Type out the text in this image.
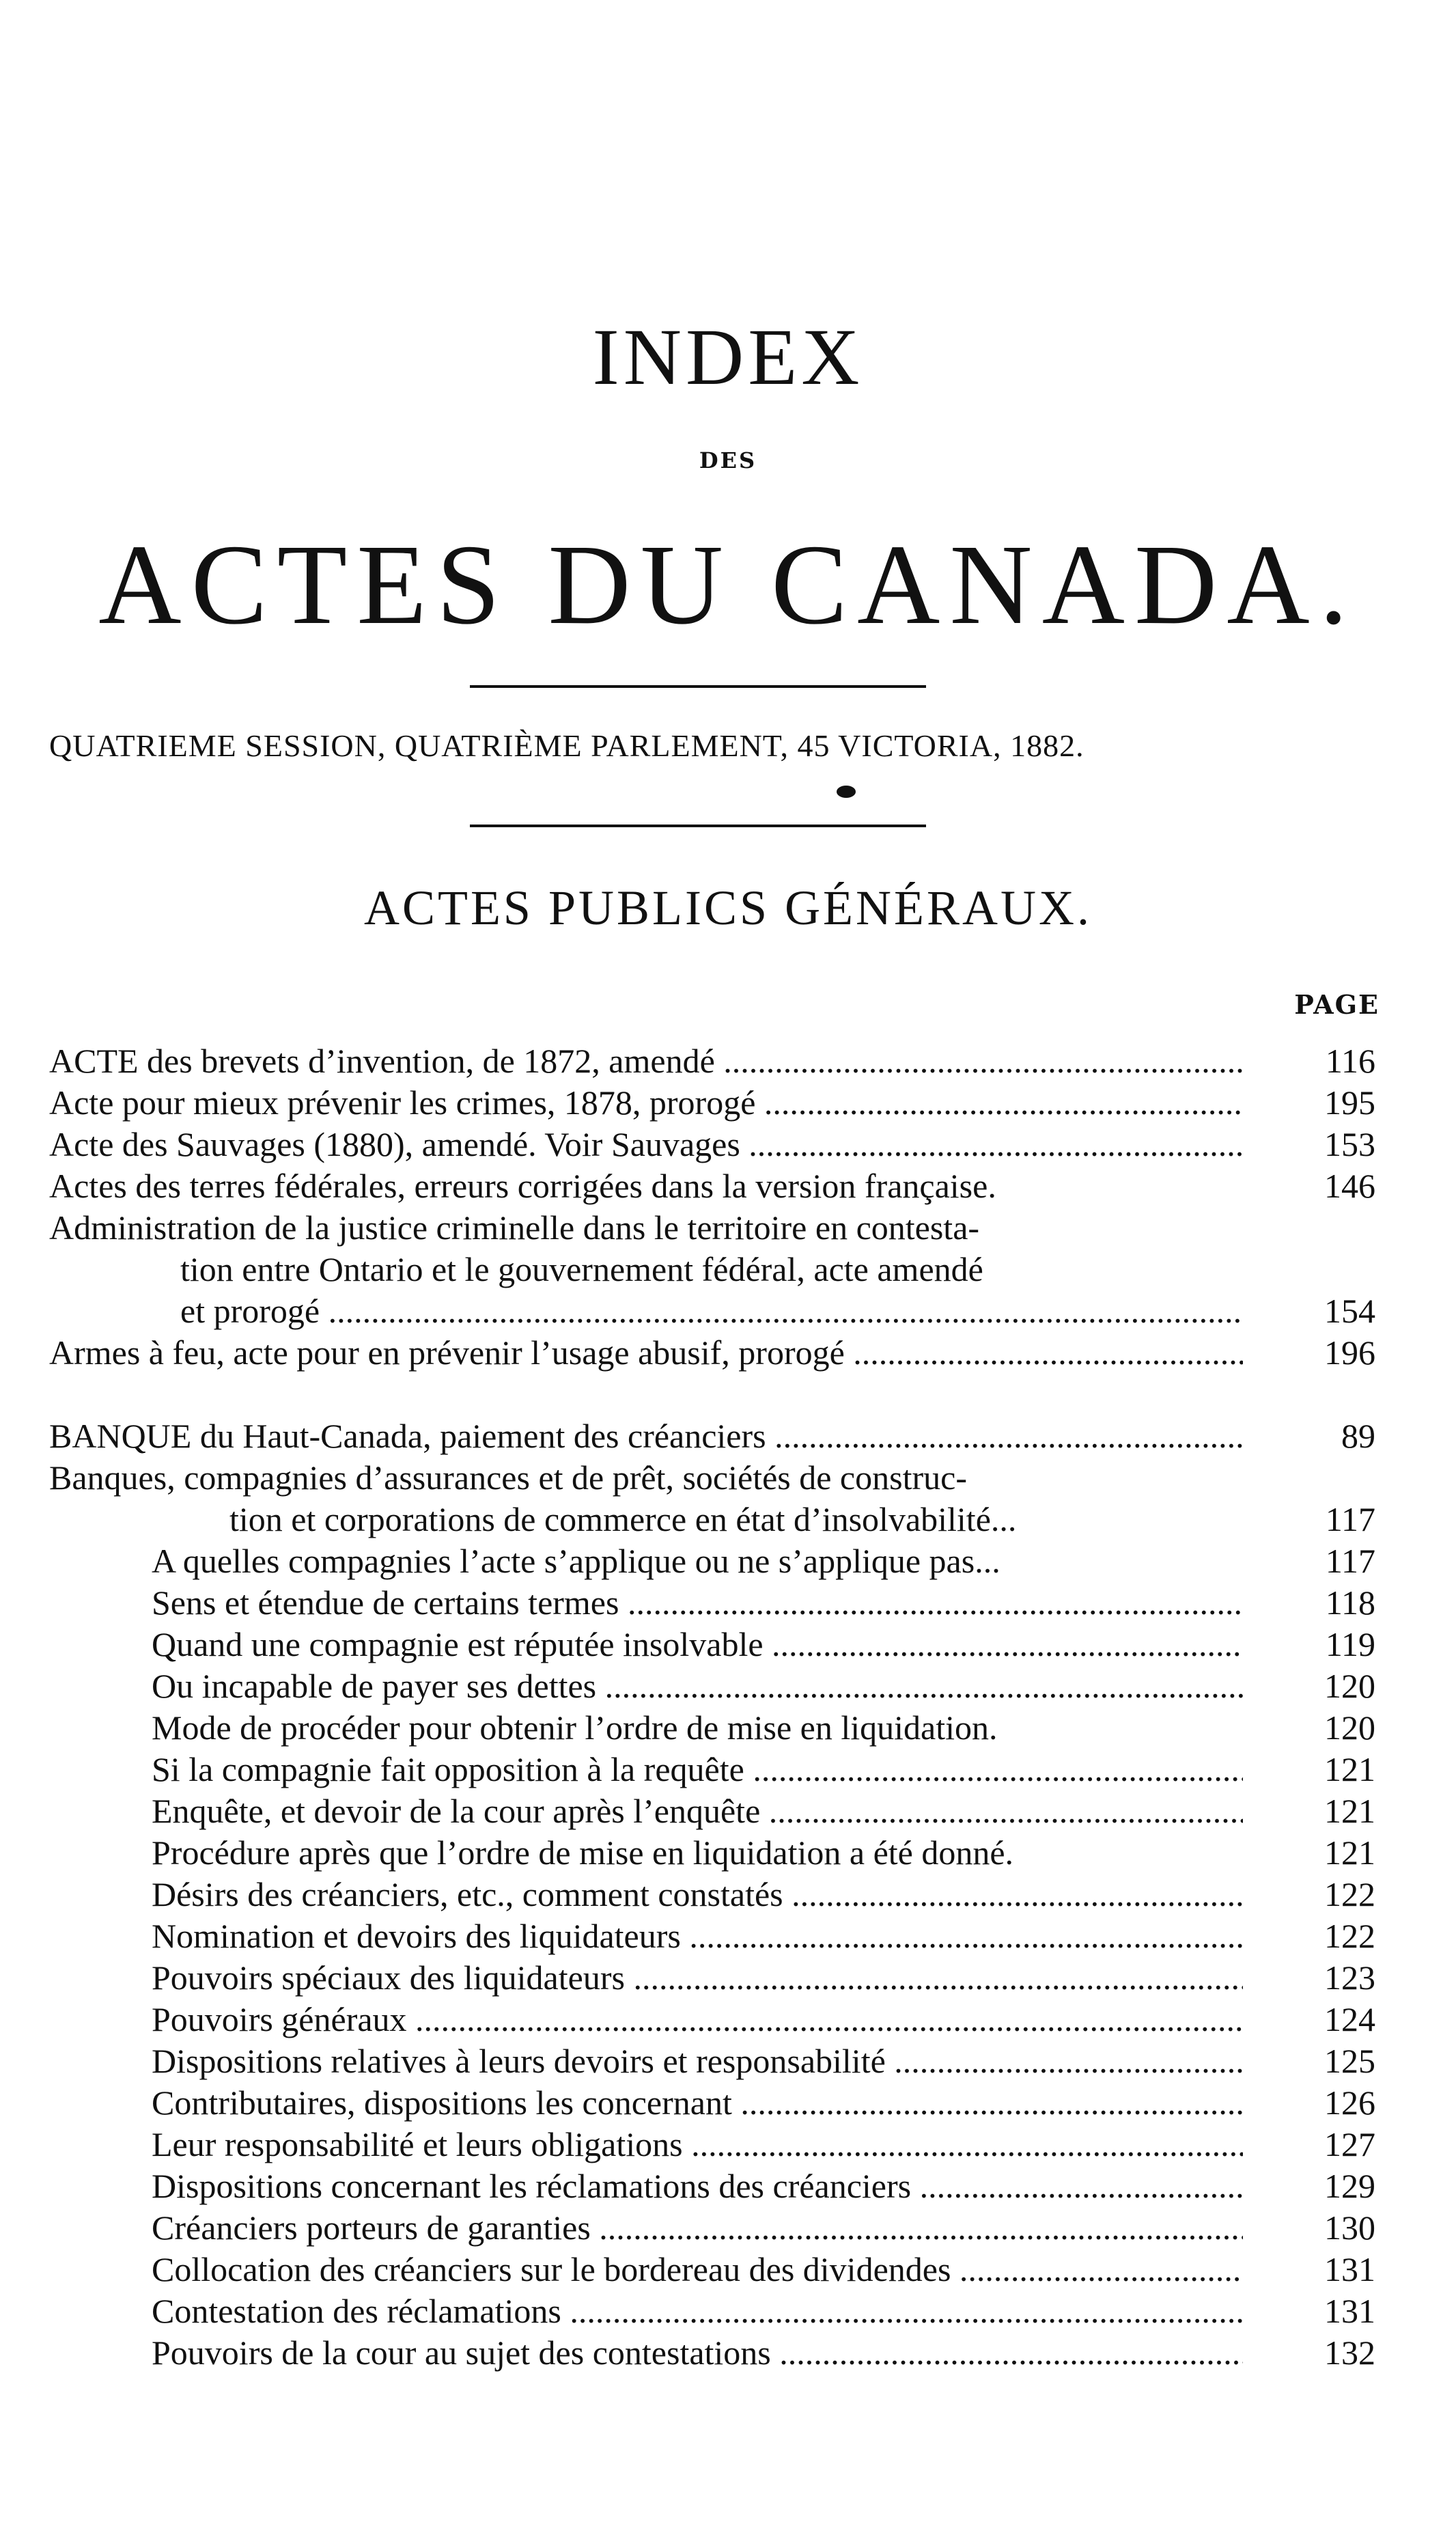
INDEX
DES
ACTES DU CANADA.
QUATRIEME SESSION, QUATRIÈME PARLEMENT, 45 VICTORIA, 1882.
ACTES PUBLICS GÉNÉRAUX.
PAGE
ACTE des brevets d’invention, de 1872, amendé .....	116
Acte pour mieux prévenir les crimes, 1878, prorogé .....	195
Acte des Sauvages (1880), amendé. Voir Sauvages .....	153
Actes des terres fédérales, erreurs corrigées dans la version française.	146
Administration de la justice criminelle dans le territoire en contesta-
tion entre Ontario et le gouvernement fédéral, acte amendé
et prorogé .....	154
Armes à feu, acte pour en prévenir l’usage abusif, prorogé .....	196
BANQUE du Haut-Canada, paiement des créanciers .....	89
Banques, compagnies d’assurances et de prêt, sociétés de construc-
tion et corporations de commerce en état d’insolvabilité...	117
A quelles compagnies l’acte s’applique ou ne s’applique pas...	117
Sens et étendue de certains termes .....	118
Quand une compagnie est réputée insolvable .....	119
Ou incapable de payer ses dettes .....	120
Mode de procéder pour obtenir l’ordre de mise en liquidation.	120
Si la compagnie fait opposition à la requête .....	121
Enquête, et devoir de la cour après l’enquête .....	121
Procédure après que l’ordre de mise en liquidation a été donné.	121
Désirs des créanciers, etc., comment constatés .....	122
Nomination et devoirs des liquidateurs .....	122
Pouvoirs spéciaux des liquidateurs .....	123
Pouvoirs généraux .....	124
Dispositions relatives à leurs devoirs et responsabilité .....	125
Contributaires, dispositions les concernant .....	126
Leur responsabilité et leurs obligations .....	127
Dispositions concernant les réclamations des créanciers .....	129
Créanciers porteurs de garanties .....	130
Collocation des créanciers sur le bordereau des dividendes .....	131
Contestation des réclamations .....	131
Pouvoirs de la cour au sujet des contestations .....	132
